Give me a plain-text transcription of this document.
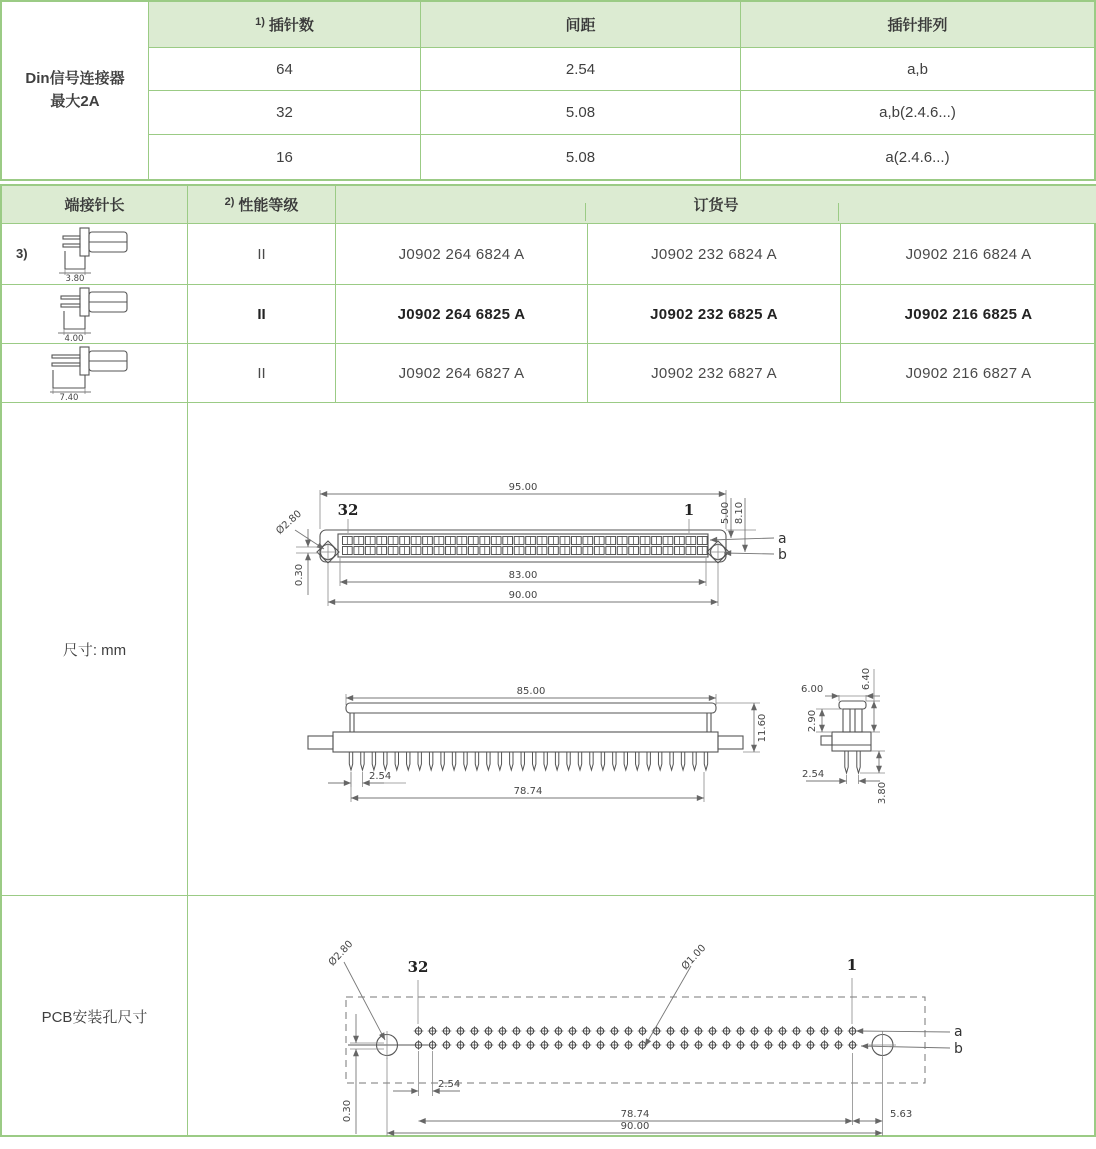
Din信号连接器
最大2A
1) 插针数	间距	插针排列
64	2.54	a,b
32	5.08	a,b(2.4.6...)
16	5.08	a(2.4.6...)
端接针长	2) 性能等级	订货号
3)
3.80
II	J0902 264 6824 A	J0902 232 6824 A	J0902 216 6824 A
4.00
II	J0902 264 6825 A	J0902 232 6825 A	J0902 216 6825 A
7.40
II	J0902 264 6827 A	J0902 232 6827 A	J0902 216 6827 A
尺寸: mm
95.00
32	1
Ø2.80	5.00 8.10
a
b
0.30	83.00
90.00
85.00
11.60
2.54
78.74
6.00	6.40
2.90
2.54
3.80
PCB安装孔尺寸
32	1
Ø2.80	Ø1.00
a
b
2.54
78.74	5.63
90.00
0.30
